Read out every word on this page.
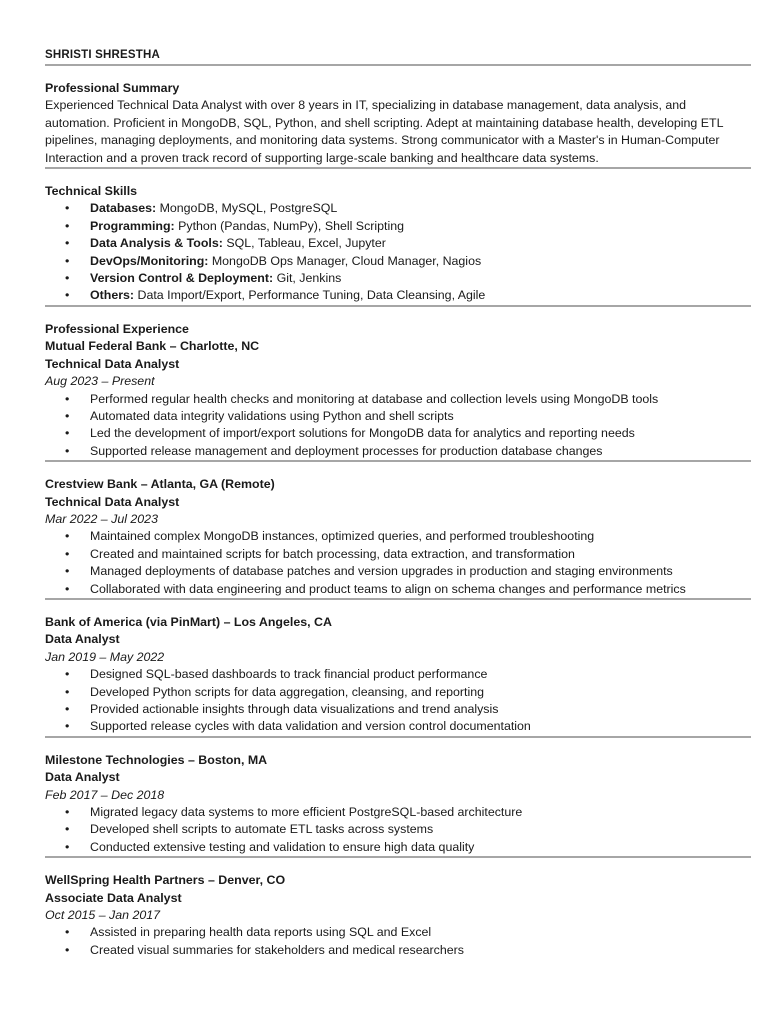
SHRISTI SHRESTHA
Professional Summary

Experienced Technical Data Analyst with over 8 years in IT, specializing in database management, data analysis, and automation. Proficient in MongoDB, SQL, Python, and shell scripting. Adept at maintaining database health, developing ETL pipelines, managing deployments, and monitoring data systems. Strong communicator with a Master's in Human-Computer Interaction and a proven track record of supporting large-scale banking and healthcare data systems.

Technical Skills
• Databases: MongoDB, MySQL, PostgreSQL
• Programming: Python (Pandas, NumPy), Shell Scripting
• Data Analysis & Tools: SQL, Tableau, Excel, Jupyter
• DevOps/Monitoring: MongoDB Ops Manager, Cloud Manager, Nagios
• Version Control & Deployment: Git, Jenkins
• Others: Data Import/Export, Performance Tuning, Data Cleansing, Agile
Professional Experience
Mutual Federal Bank – Charlotte, NC
Technical Data Analyst
Aug 2023 – Present
• Performed regular health checks and monitoring at database and collection levels using MongoDB tools
• Automated data integrity validations using Python and shell scripts
• Led the development of import/export solutions for MongoDB data for analytics and reporting needs
• Supported release management and deployment processes for production database changes
Crestview Bank – Atlanta, GA (Remote)
Technical Data Analyst
Mar 2022 – Jul 2023
• Maintained complex MongoDB instances, optimized queries, and performed troubleshooting
• Created and maintained scripts for batch processing, data extraction, and transformation
• Managed deployments of database patches and version upgrades in production and staging environments
• Collaborated with data engineering and product teams to align on schema changes and performance metrics
Bank of America (via PinMart) – Los Angeles, CA
Data Analyst
Jan 2019 – May 2022
• Designed SQL-based dashboards to track financial product performance
• Developed Python scripts for data aggregation, cleansing, and reporting
• Provided actionable insights through data visualizations and trend analysis
• Supported release cycles with data validation and version control documentation
Milestone Technologies – Boston, MA
Data Analyst
Feb 2017 – Dec 2018
• Migrated legacy data systems to more efficient PostgreSQL-based architecture
• Developed shell scripts to automate ETL tasks across systems
• Conducted extensive testing and validation to ensure high data quality
WellSpring Health Partners – Denver, CO
Associate Data Analyst
Oct 2015 – Jan 2017
• Assisted in preparing health data reports using SQL and Excel
• Created visual summaries for stakeholders and medical researchers
